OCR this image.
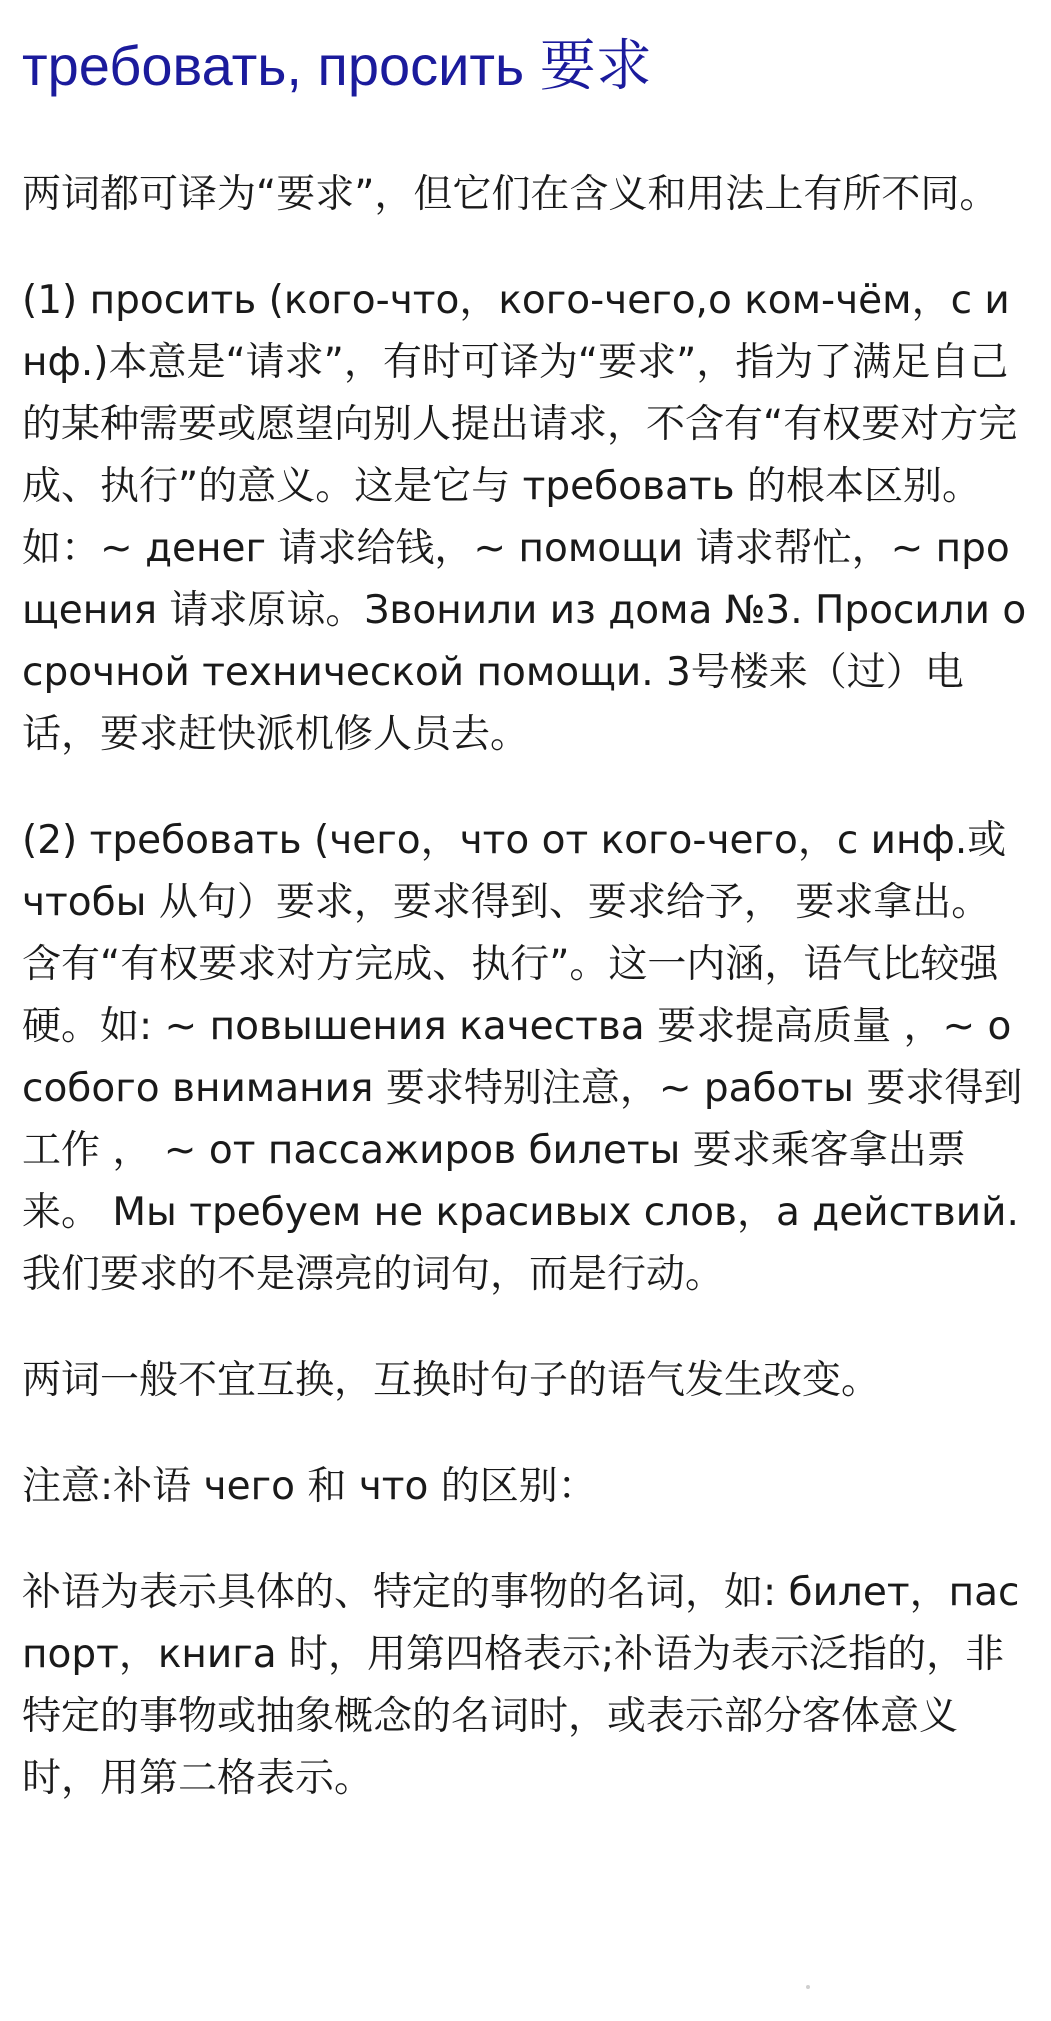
требовать, просить 要求

两词都可译为“要求”，但它们在含义和用法上有所不同。

(1) просить (кого-что，кого-чего,о ком-чём，с инф.)本意是“请求”，有时可译为“要求”，指为了满足自己的某种需要或愿望向别人提出请求，不含有“有权要对方完成、执行”的意义。这是它与 требовать 的根本区别。如：~ денег 请求给钱，~ помощи 请求帮忙，~ прощения 请求原谅。Звонили из дома №3. Просили о срочной технической помощи. 3号楼来（过）电话，要求赶快派机修人员去。

(2) требовать (чего，что от кого-чего，с инф.或 чтобы 从句）要求，要求得到、要求给予， 要求拿出。含有“有权要求对方完成、执行”。这一内涵，语气比较强硬。如: ~ повышения качества 要求提高质量 ，~ особого внимания 要求特别注意，~ работы 要求得到工作 ， ~ от пассажиров билеты 要求乘客拿出票来。 Мы требуем не красивых слов，а действий. 我们要求的不是漂亮的词句，而是行动。

两词一般不宜互换，互换时句子的语气发生改变。

注意:补语 чего 和 что 的区别：

补语为表示具体的、特定的事物的名词，如: билет，паспорт，книга 时，用第四格表示;补语为表示泛指的，非特定的事物或抽象概念的名词时，或表示部分客体意义时，用第二格表示。
